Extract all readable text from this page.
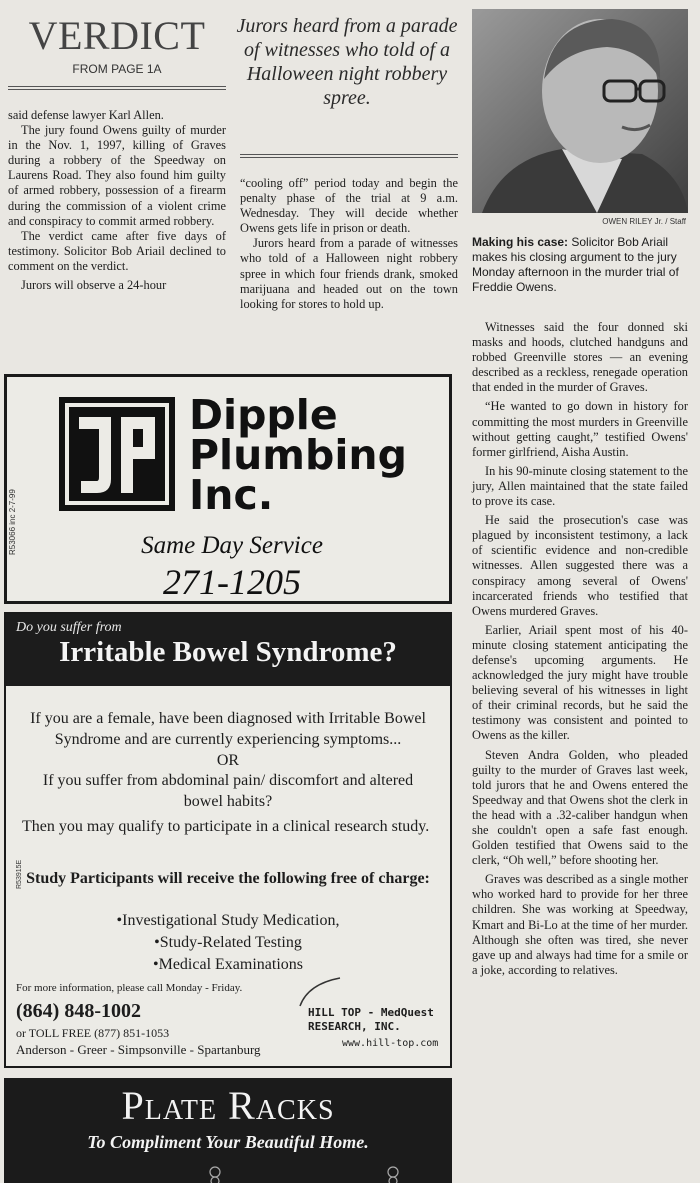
VERDICT
FROM PAGE 1A
Jurors heard from a parade of witnesses who told of a Halloween night robbery spree.

said defense lawyer Karl Allen.

The jury found Owens guilty of murder in the Nov. 1, 1997, killing of Graves during a robbery of the Speedway on Laurens Road. They also found him guilty of armed robbery, possession of a firearm during the commission of a violent crime and conspiracy to commit armed robbery.

The verdict came after five days of testimony. Solicitor Bob Ariail declined to comment on the verdict.

Jurors will observe a 24-hour

“cooling off” period today and begin the penalty phase of the trial at 9 a.m. Wednesday. They will decide whether Owens gets life in prison or death.

Jurors heard from a parade of witnesses who told of a Halloween night robbery spree in which four friends drank, smoked marijuana and headed out on the town looking for stores to hold up.

OWEN RILEY Jr. / Staff

Making his case: Solicitor Bob Ariail makes his closing argument to the jury Monday afternoon in the murder trial of Freddie Owens.

Witnesses said the four donned ski masks and hoods, clutched handguns and robbed Greenville stores — an evening described as a reckless, renegade operation that ended in the murder of Graves.

“He wanted to go down in history for committing the most murders in Greenville without getting caught,” testified Owens' former girlfriend, Aisha Austin.

In his 90-minute closing statement to the jury, Allen maintained that the state failed to prove its case.

He said the prosecution's case was plagued by inconsistent testimony, a lack of scientific evidence and non-credible witnesses. Allen suggested there was a conspiracy among several of Owens' incarcerated friends who testified that Owens murdered Graves.

Earlier, Ariail spent most of his 40-minute closing statement anticipating the defense's upcoming arguments. He acknowledged the jury might have trouble believing several of his witnesses in light of their criminal records, but he said the testimony was consistent and pointed to Owens as the killer.

Steven Andra Golden, who pleaded guilty to the murder of Graves last week, told jurors that he and Owens entered the Speedway and that Owens shot the clerk in the head with a .32-caliber handgun when she couldn't open a safe fast enough. Golden testified that Owens said to the clerk, “Oh well,” before shooting her.

Graves was described as a single mother who worked hard to provide for her three children. She was working at Speedway, Kmart and Bi-Lo at the time of her murder. Although she often was tired, she never gave up and always had time for a smile or a joke, according to relatives.

Dipple
Plumbing
Inc.
Same Day Service
271-1205
R53066 inc 2-7-99
Do you suffer from
Irritable Bowel Syndrome?

If you are a female, have been diagnosed with Irritable Bowel Syndrome and are currently experiencing symptoms...

OR

If you suffer from abdominal pain/ discomfort and altered bowel habits?

Then you may qualify to participate in a clinical research study.

Study Participants will receive the following free of charge:

•Investigational Study Medication,

•Study-Related Testing

•Medical Examinations

For more information, please call Monday - Friday.
(864) 848-1002
or TOLL FREE (877) 851-1053
Anderson - Greer - Simpsonville - Spartanburg
HILL TOP - MedQuest
RESEARCH, INC.
www.hill-top.com
R53915E
Plate Racks
To Compliment Your Beautiful Home.
